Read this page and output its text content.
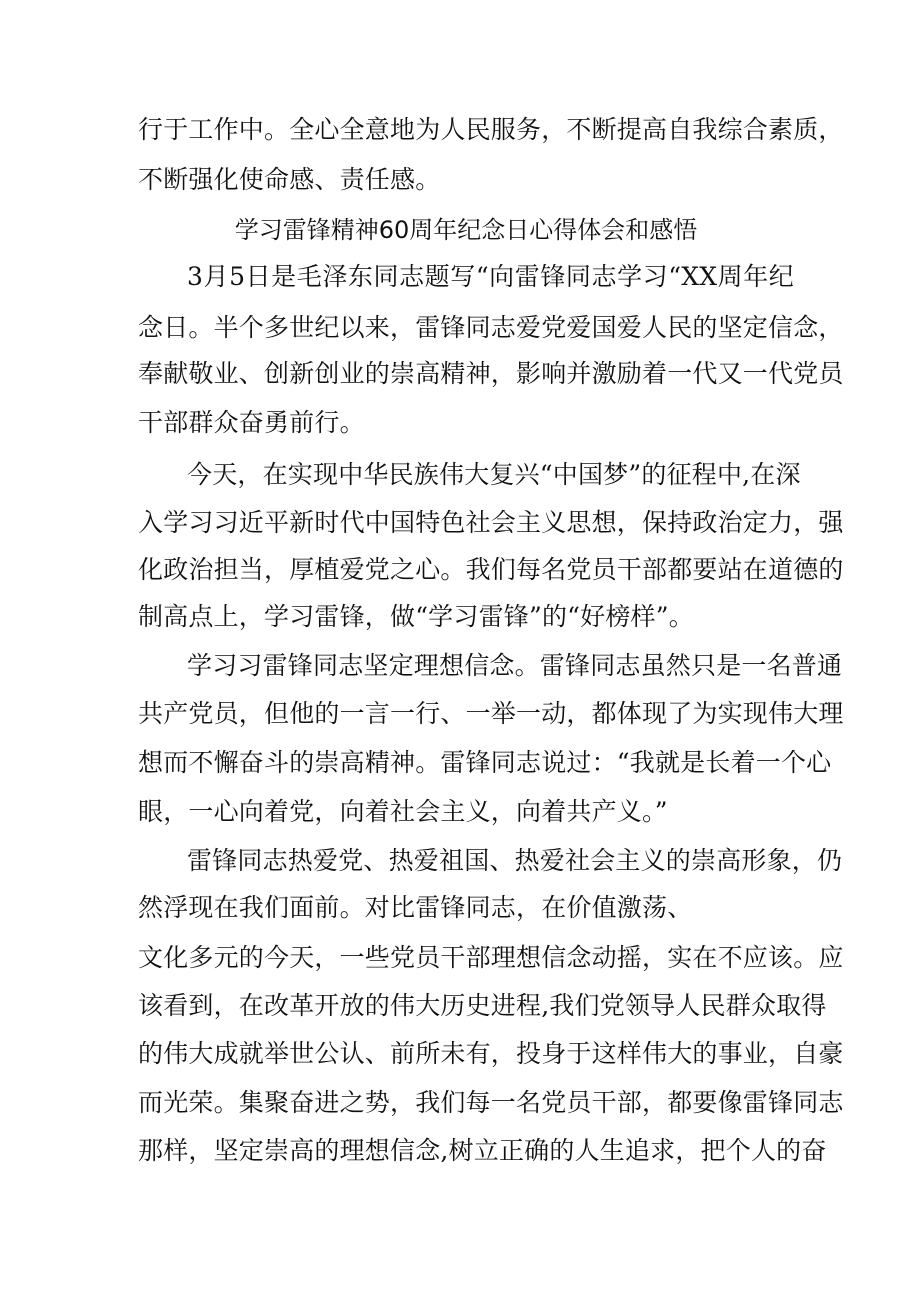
行于工作中。全心全意地为人民服务，不断提高自我综合素质，
不断强化使命感、责任感。
学习雷锋精神60周年纪念日心得体会和感悟
3月5日是毛泽东同志题写“向雷锋同志学习“XX周年纪
念日。半个多世纪以来，雷锋同志爱党爱国爱人民的坚定信念，
奉献敬业、创新创业的崇高精神，影响并激励着一代又一代党员
干部群众奋勇前行。
今天，在实现中华民族伟大复兴“中国梦”的征程中,在深
入学习习近平新时代中国特色社会主义思想，保持政治定力，强
化政治担当，厚植爱党之心。我们每名党员干部都要站在道德的
制高点上，学习雷锋，做“学习雷锋”的“好榜样”。
学习习雷锋同志坚定理想信念。雷锋同志虽然只是一名普通
共产党员，但他的一言一行、一举一动，都体现了为实现伟大理
想而不懈奋斗的崇高精神。雷锋同志说过：“我就是长着一个心
眼，一心向着党，向着社会主义，向着共产义。”
雷锋同志热爱党、热爱祖国、热爱社会主义的崇高形象，仍
然浮现在我们面前。对比雷锋同志，在价值激荡、
文化多元的今天，一些党员干部理想信念动摇，实在不应该。应
该看到，在改革开放的伟大历史进程,我们党领导人民群众取得
的伟大成就举世公认、前所未有，投身于这样伟大的事业，自豪
而光荣。集聚奋进之势，我们每一名党员干部，都要像雷锋同志
那样，坚定崇高的理想信念,树立正确的人生追求，把个人的奋
